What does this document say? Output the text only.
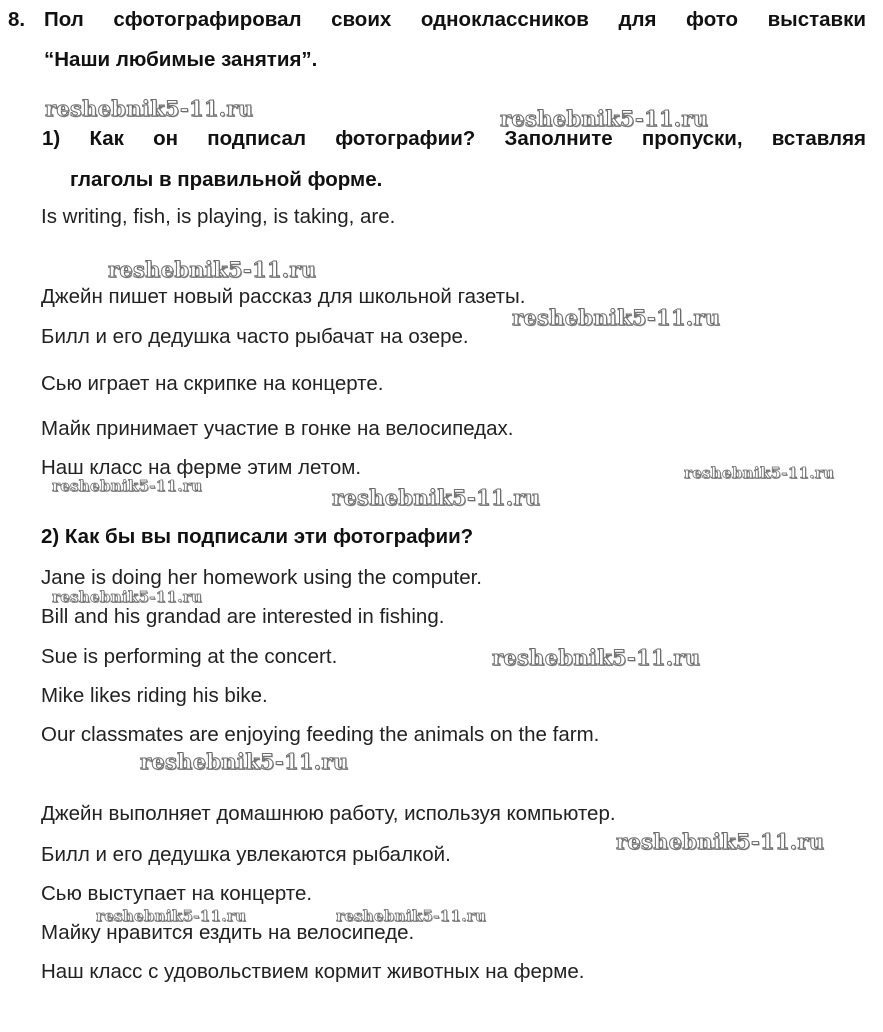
8. Пол сфотографировал своих одноклассников для фото выставки
“Наши любимые занятия”.
1) Как он подписал фотографии? Заполните пропуски, вставляя
глаголы в правильной форме.
Is writing, fish, is playing, is taking, are.
Джейн пишет новый рассказ для школьной газеты.
Билл и его дедушка часто рыбачат на озере.
Сью играет на скрипке на концерте.
Майк принимает участие в гонке на велосипедах.
Наш класс на ферме этим летом.
2) Как бы вы подписали эти фотографии?
Jane is doing her homework using the computer.
Bill and his grandad are interested in fishing.
Sue is performing at the concert.
Mike likes riding his bike.
Our classmates are enjoying feeding the animals on the farm.
Джейн выполняет домашнюю работу, используя компьютер.
Билл и его дедушка увлекаются рыбалкой.
Сью выступает на концерте.
Майку нравится ездить на велосипеде.
Наш класс с удовольствием кормит животных на ферме.
reshebnik5-11.ru	reshebnik5-11.ru
reshebnik5-11.ru
reshebnik5-11.ru
reshebnik5-11.ru
reshebnik5-11.ru	reshebnik5-11.ru
reshebnik5-11.ru
reshebnik5-11.ru
reshebnik5-11.ru
reshebnik5-11.ru
reshebnik5-11.ru	reshebnik5-11.ru
